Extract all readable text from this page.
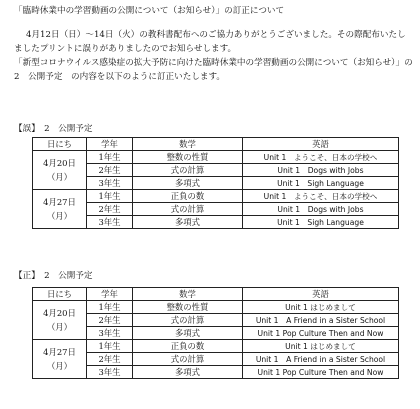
「臨時休業中の学習動画の公開について（お知らせ）」の訂正について
4月12日（日）～14日（火）の教科書配布へのご協力ありがとうございました。その際配布いたし
ましたプリントに誤りがありましたのでお知らせします。
「新型コロナウイルス感染症の拡大予防に向けた臨時休業中の学習動画の公開について（お知らせ）」の
2　公開予定　の内容を以下のように訂正いたします。
【誤】　2　公開予定
日にち	学年	数学	英語

4月20日
（月）	1年生	整数の性質	Unit 1　ようこそ、日本の学校へ
	2年生	式の計算	Unit 1　Dogs with Jobs
	3年生	多項式	Unit 1　Sigh Language

4月27日
（月）	1年生	正負の数	Unit 1　ようこそ、日本の学校へ
	2年生	式の計算	Unit 1　Dogs with Jobs
	3年生	多項式	Unit 1　Sigh Language
【正】　2　公開予定
日にち	学年	数学	英語

4月20日
（月）	1年生	整数の性質	Unit 1 はじめまして
	2年生	式の計算	Unit 1　A Friend in a Sister School
	3年生	多項式	Unit 1 Pop Culture Then and Now

4月27日
（月）	1年生	正負の数	Unit 1 はじめまして
	2年生	式の計算	Unit 1　A Friend in a Sister School
	3年生	多項式	Unit 1 Pop Culture Then and Now
